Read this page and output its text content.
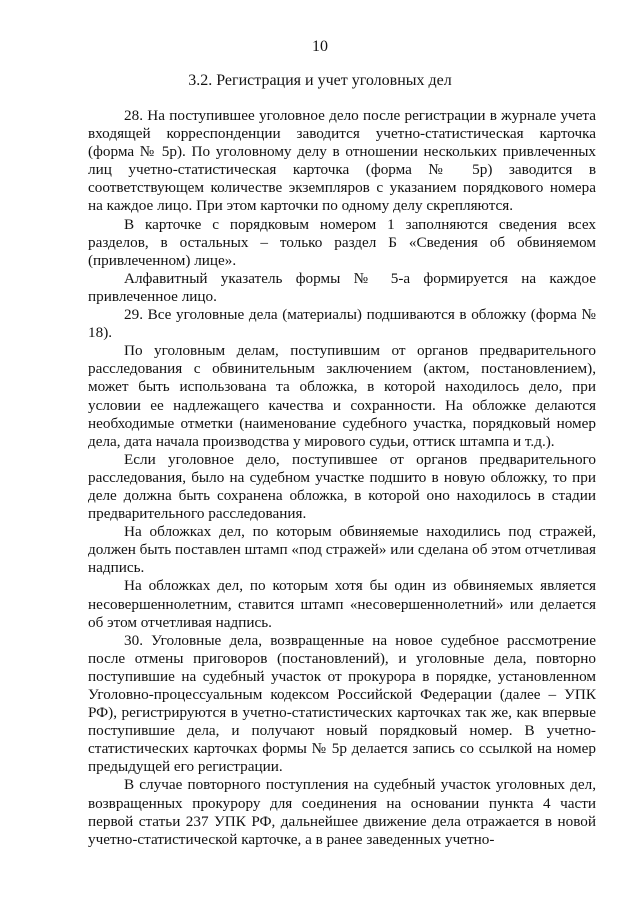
10
3.2. Регистрация и учет уголовных дел

28. На поступившее уголовное дело после регистрации в журнале учета входящей корреспонденции заводится учетно-статистическая карточка (форма № 5р). По уголовному делу в отношении нескольких привлеченных лиц учетно-статистическая карточка (форма № 5р) заводится в соответствующем количестве экземпляров с указанием порядкового номера на каждое лицо. При этом карточки по одному делу скрепляются.

В карточке с порядковым номером 1 заполняются сведения всех разделов, в остальных – только раздел Б «Сведения об обвиняемом (привлеченном) лице».

Алфавитный указатель формы № 5-а формируется на каждое привлеченное лицо.

29. Все уголовные дела (материалы) подшиваются в обложку (форма № 18).

По уголовным делам, поступившим от органов предварительного расследования с обвинительным заключением (актом, постановлением), может быть использована та обложка, в которой находилось дело, при условии ее надлежащего качества и сохранности. На обложке делаются необходимые отметки (наименование судебного участка, порядковый номер дела, дата начала производства у мирового судьи, оттиск штампа и т.д.).

Если уголовное дело, поступившее от органов предварительного расследования, было на судебном участке подшито в новую обложку, то при деле должна быть сохранена обложка, в которой оно находилось в стадии предварительного расследования.

На обложках дел, по которым обвиняемые находились под стражей, должен быть поставлен штамп «под стражей» или сделана об этом отчетливая надпись.

На обложках дел, по которым хотя бы один из обвиняемых является несовершеннолетним, ставится штамп «несовершеннолетний» или делается об этом отчетливая надпись.

30. Уголовные дела, возвращенные на новое судебное рассмотрение после отмены приговоров (постановлений), и уголовные дела, повторно поступившие на судебный участок от прокурора в порядке, установленном Уголовно-процессуальным кодексом Российской Федерации (далее – УПК РФ), регистрируются в учетно-статистических карточках так же, как впервые поступившие дела, и получают новый порядковый номер. В учетно-статистических карточках формы № 5р делается запись со ссылкой на номер предыдущей его регистрации.

В случае повторного поступления на судебный участок уголовных дел, возвращенных прокурору для соединения на основании пункта 4 части первой статьи 237 УПК РФ, дальнейшее движение дела отражается в новой учетно-статистической карточке, а в ранее заведенных учетно-
